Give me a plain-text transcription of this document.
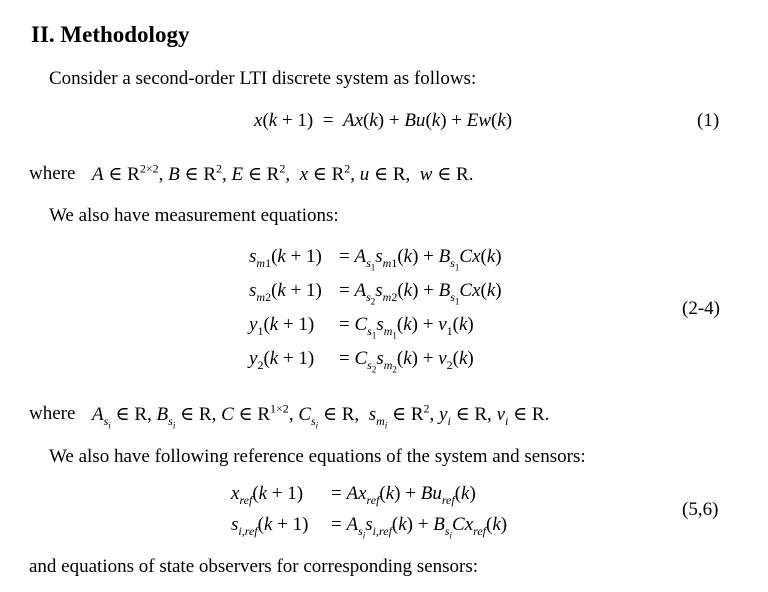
II. Methodology
Consider a second-order LTI discrete system as follows:
x(k + 1)  =  Ax(k) + Bu(k) + Ew(k)	(1)
where A ∈ $R^{2\times 2}$, B ∈ $R^2$, E ∈ $R^2$,  x ∈ $R^2$, u ∈ R,  w ∈ R.
We also have measurement equations:
$s_{m1}(k + 1) = A_{s_1}s_{m1}(k) + B_{s_1}Cx(k)$
$s_{m2}(k + 1) = A_{s_2}s_{m2}(k) + B_{s_1}Cx(k)$
$y_1(k + 1) = C_{s_1}s_{m_1}(k) + v_1(k)$
$y_2(k + 1) = C_{s_2}s_{m_2}(k) + v_2(k)$
(2-4)
where $A_{s_i}$ ∈ R, $B_{s_i}$ ∈ R, C ∈ $R^{1\times 2}$, $C_{s_i}$ ∈ R,  $s_{m_i}$ ∈ $R^2$, $y_i$ ∈ R, $v_i$ ∈ R.
We also have following reference equations of the system and sensors:
$x_{ref}(k + 1) = Ax_{ref}(k) + Bu_{ref}(k)$
$s_{i,ref}(k + 1) = A_{s_i}s_{i,ref}(k) + B_{s_i}Cx_{ref}(k)$
(5,6)
and equations of state observers for corresponding sensors:
